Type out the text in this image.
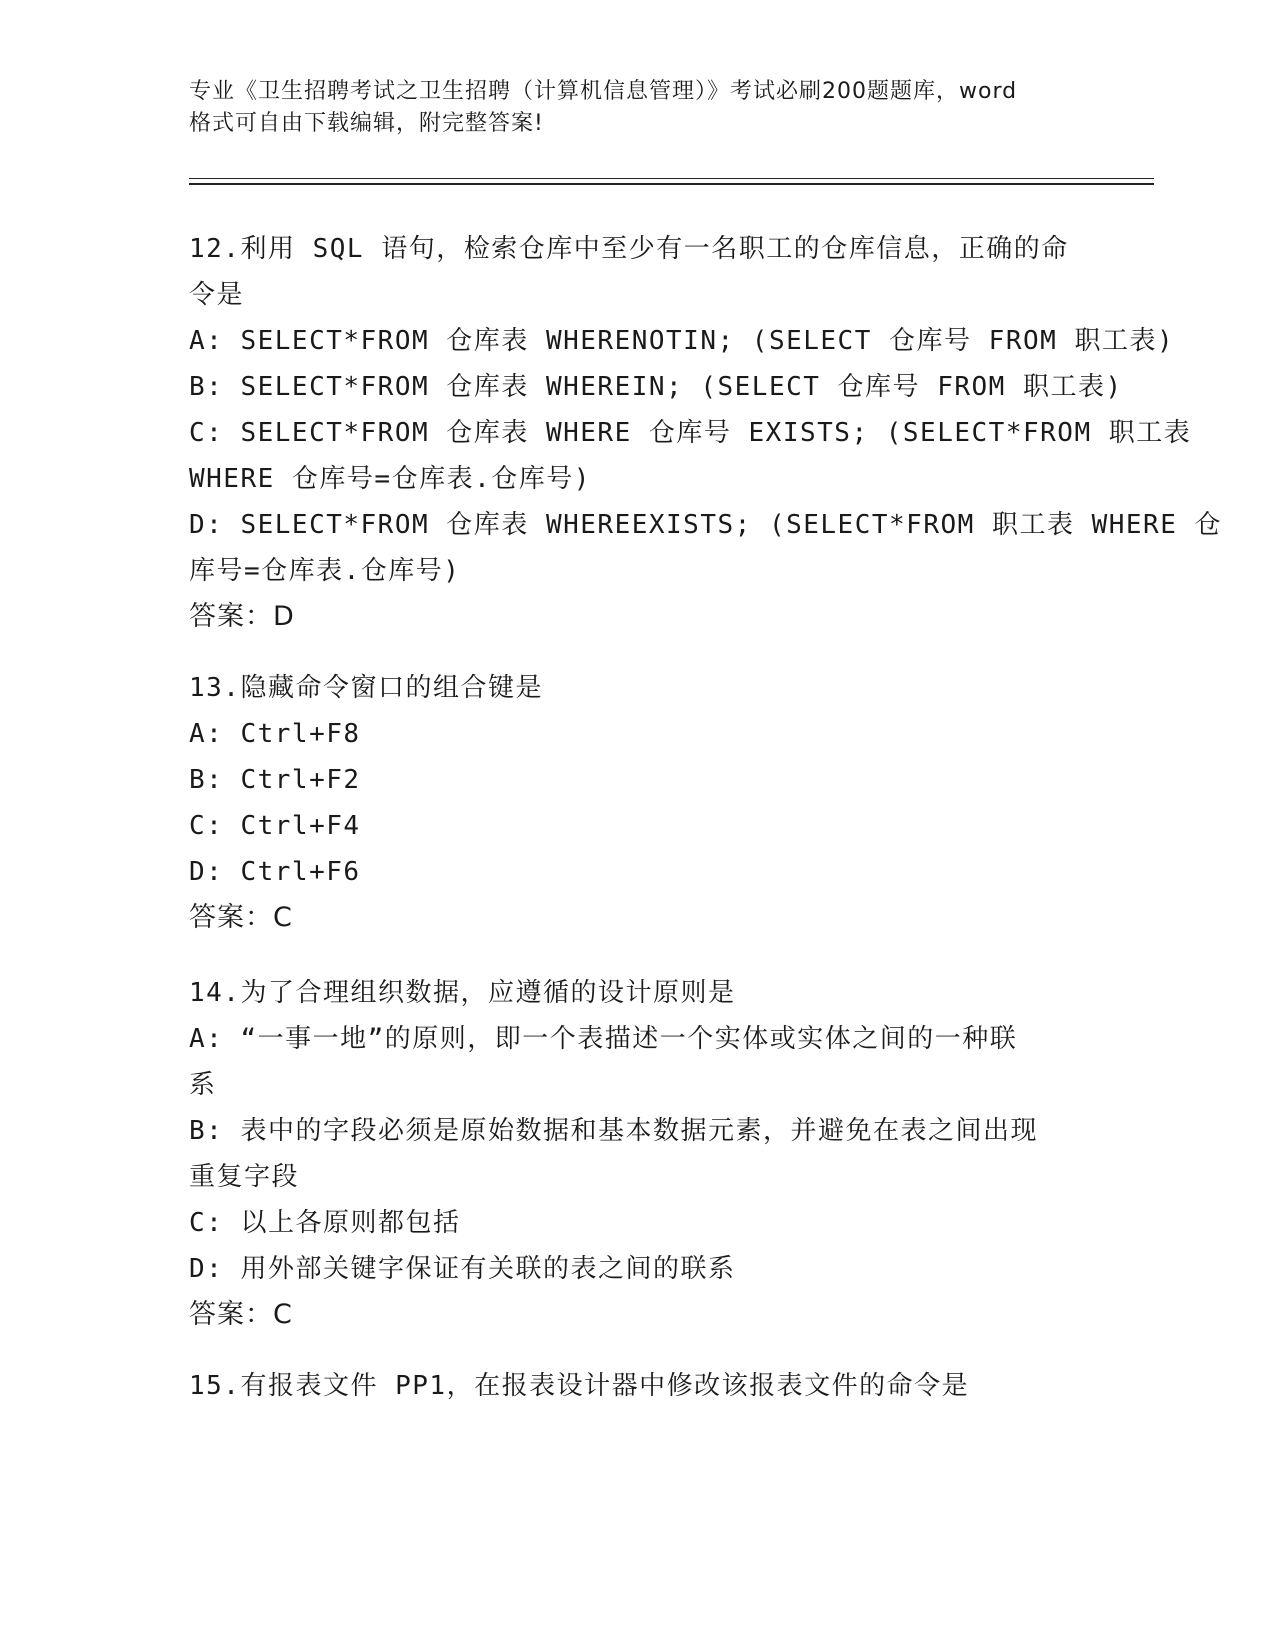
专业《卫生招聘考试之卫生招聘（计算机信息管理）》考试必刷200题题库，word
格式可自由下载编辑，附完整答案!
12.利用 SQL 语句，检索仓库中至少有一名职工的仓库信息，正确的命
令是
A: SELECT*FROM 仓库表 WHERENOTIN; (SELECT 仓库号 FROM 职工表)
B: SELECT*FROM 仓库表 WHEREIN; (SELECT 仓库号 FROM 职工表)
C: SELECT*FROM 仓库表 WHERE 仓库号 EXISTS; (SELECT*FROM 职工表
WHERE 仓库号=仓库表.仓库号)
D: SELECT*FROM 仓库表 WHEREEXISTS; (SELECT*FROM 职工表 WHERE 仓
库号=仓库表.仓库号)
答案：D
13.隐藏命令窗口的组合键是
A: Ctrl+F8
B: Ctrl+F2
C: Ctrl+F4
D: Ctrl+F6
答案：C
14.为了合理组织数据，应遵循的设计原则是
A: “一事一地”的原则，即一个表描述一个实体或实体之间的一种联
系
B: 表中的字段必须是原始数据和基本数据元素，并避免在表之间出现
重复字段
C: 以上各原则都包括
D: 用外部关键字保证有关联的表之间的联系
答案：C
15.有报表文件 PP1，在报表设计器中修改该报表文件的命令是
